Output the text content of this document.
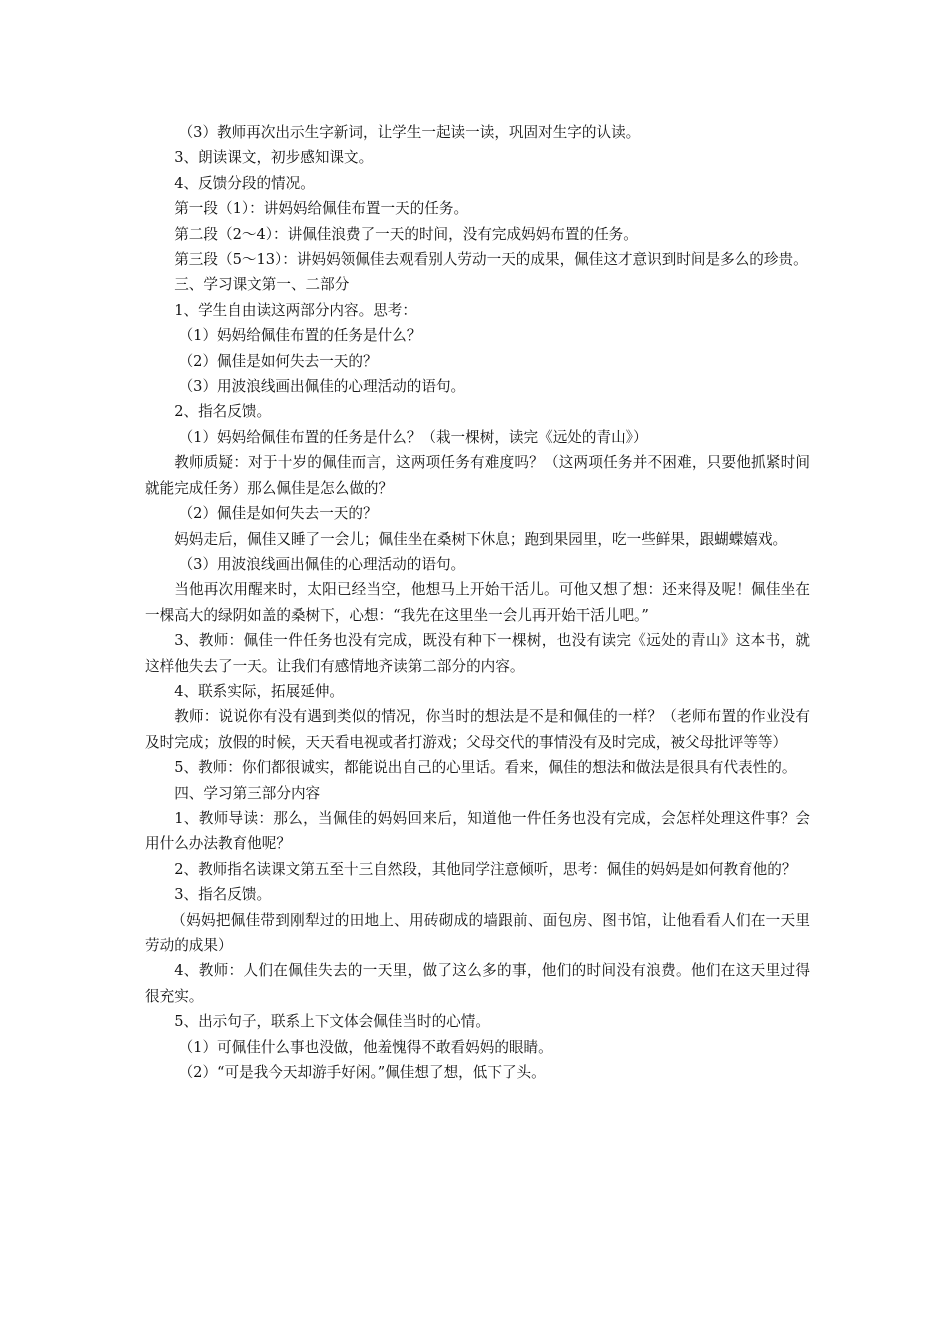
（3）教师再次出示生字新词，让学生一起读一读，巩固对生字的认读。

3、朗读课文，初步感知课文。

4、反馈分段的情况。

第一段（1）：讲妈妈给佩佳布置一天的任务。

第二段（2～4）：讲佩佳浪费了一天的时间，没有完成妈妈布置的任务。

第三段（5～13）：讲妈妈领佩佳去观看别人劳动一天的成果，佩佳这才意识到时间是多么的珍贵。

三、学习课文第一、二部分

1、学生自由读这两部分内容。思考：

（1）妈妈给佩佳布置的任务是什么？

（2）佩佳是如何失去一天的？

（3）用波浪线画出佩佳的心理活动的语句。

2、指名反馈。

（1）妈妈给佩佳布置的任务是什么？（栽一棵树，读完《远处的青山》）

教师质疑：对于十岁的佩佳而言，这两项任务有难度吗？（这两项任务并不困难，只要他抓紧时间就能完成任务）那么佩佳是怎么做的？

（2）佩佳是如何失去一天的？

妈妈走后，佩佳又睡了一会儿；佩佳坐在桑树下休息；跑到果园里，吃一些鲜果，跟蝴蝶嬉戏。

（3）用波浪线画出佩佳的心理活动的语句。

当他再次用醒来时，太阳已经当空，他想马上开始干活儿。可他又想了想：还来得及呢！佩佳坐在一棵高大的绿阴如盖的桑树下，心想：“我先在这里坐一会儿再开始干活儿吧。”

3、教师：佩佳一件任务也没有完成，既没有种下一棵树，也没有读完《远处的青山》这本书，就这样他失去了一天。让我们有感情地齐读第二部分的内容。

4、联系实际，拓展延伸。

教师：说说你有没有遇到类似的情况，你当时的想法是不是和佩佳的一样？（老师布置的作业没有及时完成；放假的时候，天天看电视或者打游戏；父母交代的事情没有及时完成，被父母批评等等）

5、教师：你们都很诚实，都能说出自己的心里话。看来，佩佳的想法和做法是很具有代表性的。

四、学习第三部分内容

1、教师导读：那么，当佩佳的妈妈回来后，知道他一件任务也没有完成，会怎样处理这件事？会用什么办法教育他呢？

2、教师指名读课文第五至十三自然段，其他同学注意倾听，思考：佩佳的妈妈是如何教育他的？

3、指名反馈。

（妈妈把佩佳带到刚犁过的田地上、用砖砌成的墙跟前、面包房、图书馆，让他看看人们在一天里劳动的成果）

4、教师：人们在佩佳失去的一天里，做了这么多的事，他们的时间没有浪费。他们在这天里过得很充实。

5、出示句子，联系上下文体会佩佳当时的心情。

（1）可佩佳什么事也没做，他羞愧得不敢看妈妈的眼睛。

（2）“可是我今天却游手好闲。”佩佳想了想，低下了头。
